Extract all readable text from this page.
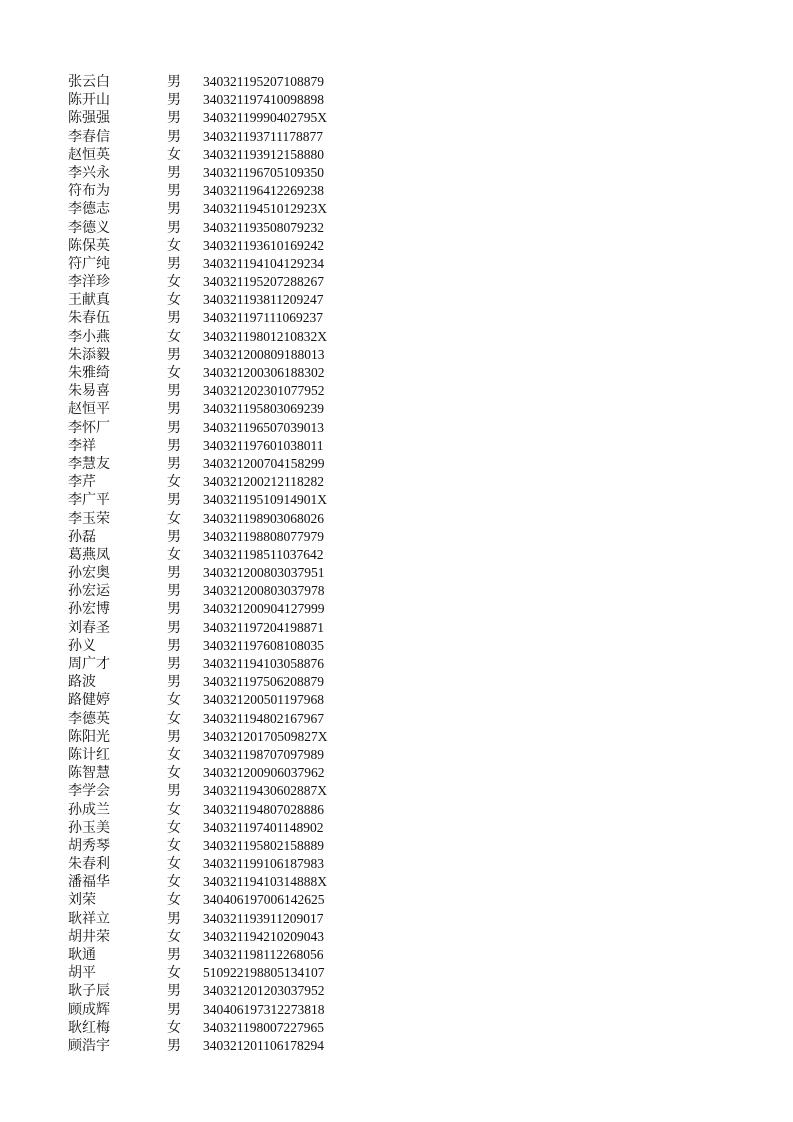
张云白	男 340321195207108879
陈开山	男 340321197410098898
陈强强	男 34032119990402795X
李春信	男 340321193711178877
赵恒英	女 340321193912158880
李兴永	男 340321196705109350
符布为	男 340321196412269238
李德志	男 34032119451012923X
李德义	男 340321193508079232
陈保英	女 340321193610169242
符广纯	男 340321194104129234
李洋珍	女 340321195207288267
王献真	女 340321193811209247
朱春伍	男 340321197111069237
李小燕	女 34032119801210832X
朱添毅	男 340321200809188013
朱雅绮	女 340321200306188302
朱易喜	男 340321202301077952
赵恒平	男 340321195803069239
李怀厂	男 340321196507039013
李祥	男 340321197601038011
李慧友	男 340321200704158299
李芹	女 340321200212118282
李广平	男 34032119510914901X
李玉荣	女 340321198903068026
孙磊	男 340321198808077979
葛燕凤	女 340321198511037642
孙宏奥	男 340321200803037951
孙宏运	男 340321200803037978
孙宏博	男 340321200904127999
刘春圣	男 340321197204198871
孙义	男 340321197608108035
周广才	男 340321194103058876
路波	男 340321197506208879
路健婷	女 340321200501197968
李德英	女 340321194802167967
陈阳光	男 34032120170509827X
陈计红	女 340321198707097989
陈智慧	女 340321200906037962
李学会	男 34032119430602887X
孙成兰	女 340321194807028886
孙玉美	女 340321197401148902
胡秀琴	女 340321195802158889
朱春利	女 340321199106187983
潘福华	女 34032119410314888X
刘荣	女 340406197006142625
耿祥立	男 340321193911209017
胡井荣	女 340321194210209043
耿通	男 340321198112268056
胡平	女 510922198805134107
耿子辰	男 340321201203037952
顾成辉	男 340406197312273818
耿红梅	女 340321198007227965
顾浩宇	男 340321201106178294
